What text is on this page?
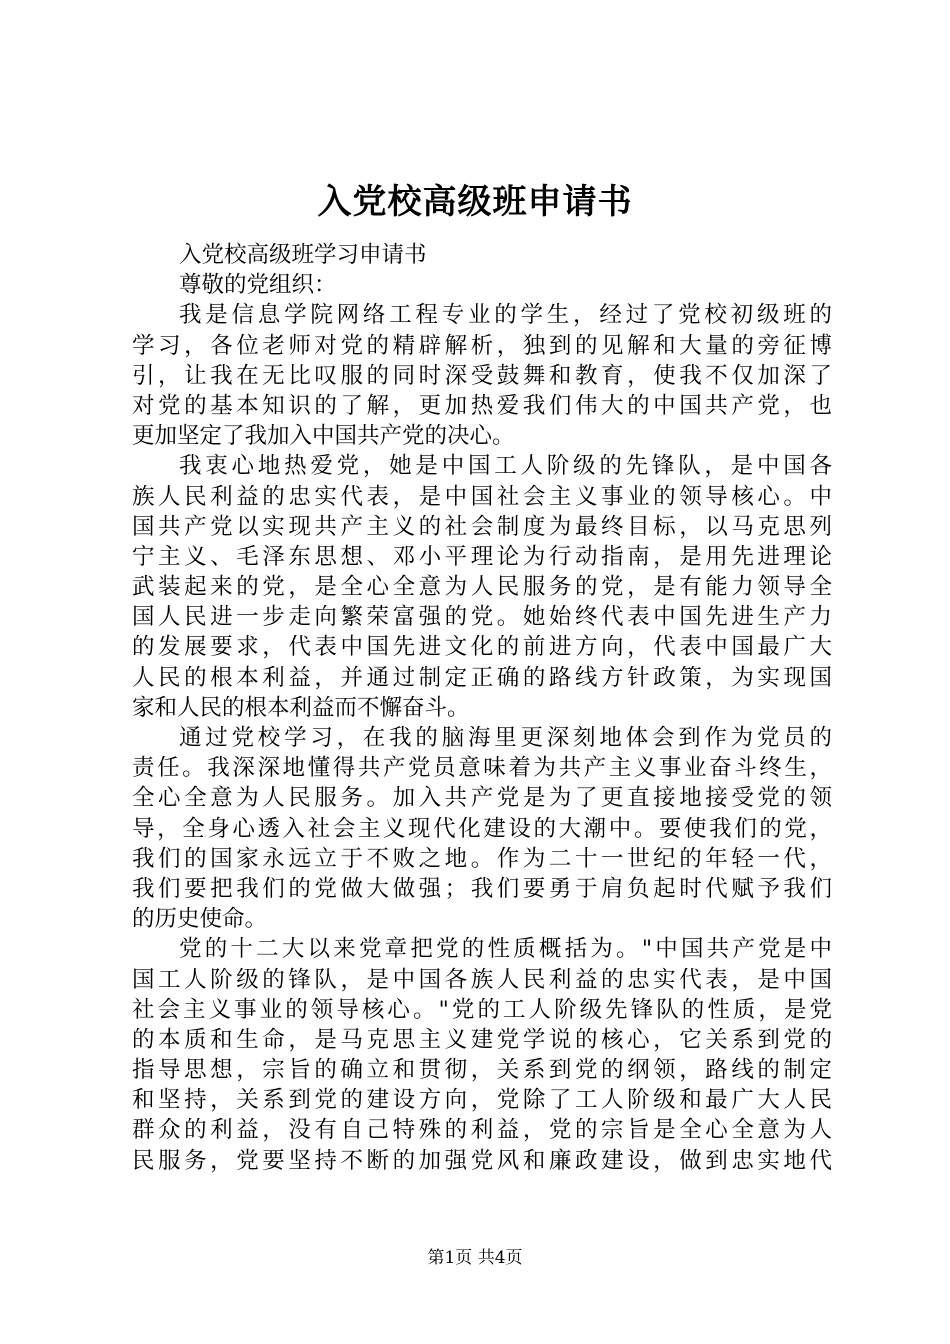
入党校高级班申请书
入党校高级班学习申请书
尊敬的党组织：
我是信息学院网络工程专业的学生，经过了党校初级班的
学习，各位老师对党的精辟解析，独到的见解和大量的旁征博
引，让我在无比叹服的同时深受鼓舞和教育，使我不仅加深了
对党的基本知识的了解，更加热爱我们伟大的中国共产党，也
更加坚定了我加入中国共产党的决心。
我衷心地热爱党，她是中国工人阶级的先锋队，是中国各
族人民利益的忠实代表，是中国社会主义事业的领导核心。中
国共产党以实现共产主义的社会制度为最终目标，以马克思列
宁主义、毛泽东思想、邓小平理论为行动指南，是用先进理论
武装起来的党，是全心全意为人民服务的党，是有能力领导全
国人民进一步走向繁荣富强的党。她始终代表中国先进生产力
的发展要求，代表中国先进文化的前进方向，代表中国最广大
人民的根本利益，并通过制定正确的路线方针政策，为实现国
家和人民的根本利益而不懈奋斗。
通过党校学习，在我的脑海里更深刻地体会到作为党员的
责任。我深深地懂得共产党员意味着为共产主义事业奋斗终生，
全心全意为人民服务。加入共产党是为了更直接地接受党的领
导，全身心透入社会主义现代化建设的大潮中。要使我们的党，
我们的国家永远立于不败之地。作为二十一世纪的年轻一代，
我们要把我们的党做大做强；我们要勇于肩负起时代赋予我们
的历史使命。
党的十二大以来党章把党的性质概括为。"中国共产党是中
国工人阶级的锋队，是中国各族人民利益的忠实代表，是中国
社会主义事业的领导核心。"党的工人阶级先锋队的性质，是党
的本质和生命，是马克思主义建党学说的核心，它关系到党的
指导思想，宗旨的确立和贯彻，关系到党的纲领，路线的制定
和坚持，关系到党的建设方向，党除了工人阶级和最广大人民
群众的利益，没有自己特殊的利益，党的宗旨是全心全意为人
民服务，党要坚持不断的加强党风和廉政建设，做到忠实地代
第1页 共4页
